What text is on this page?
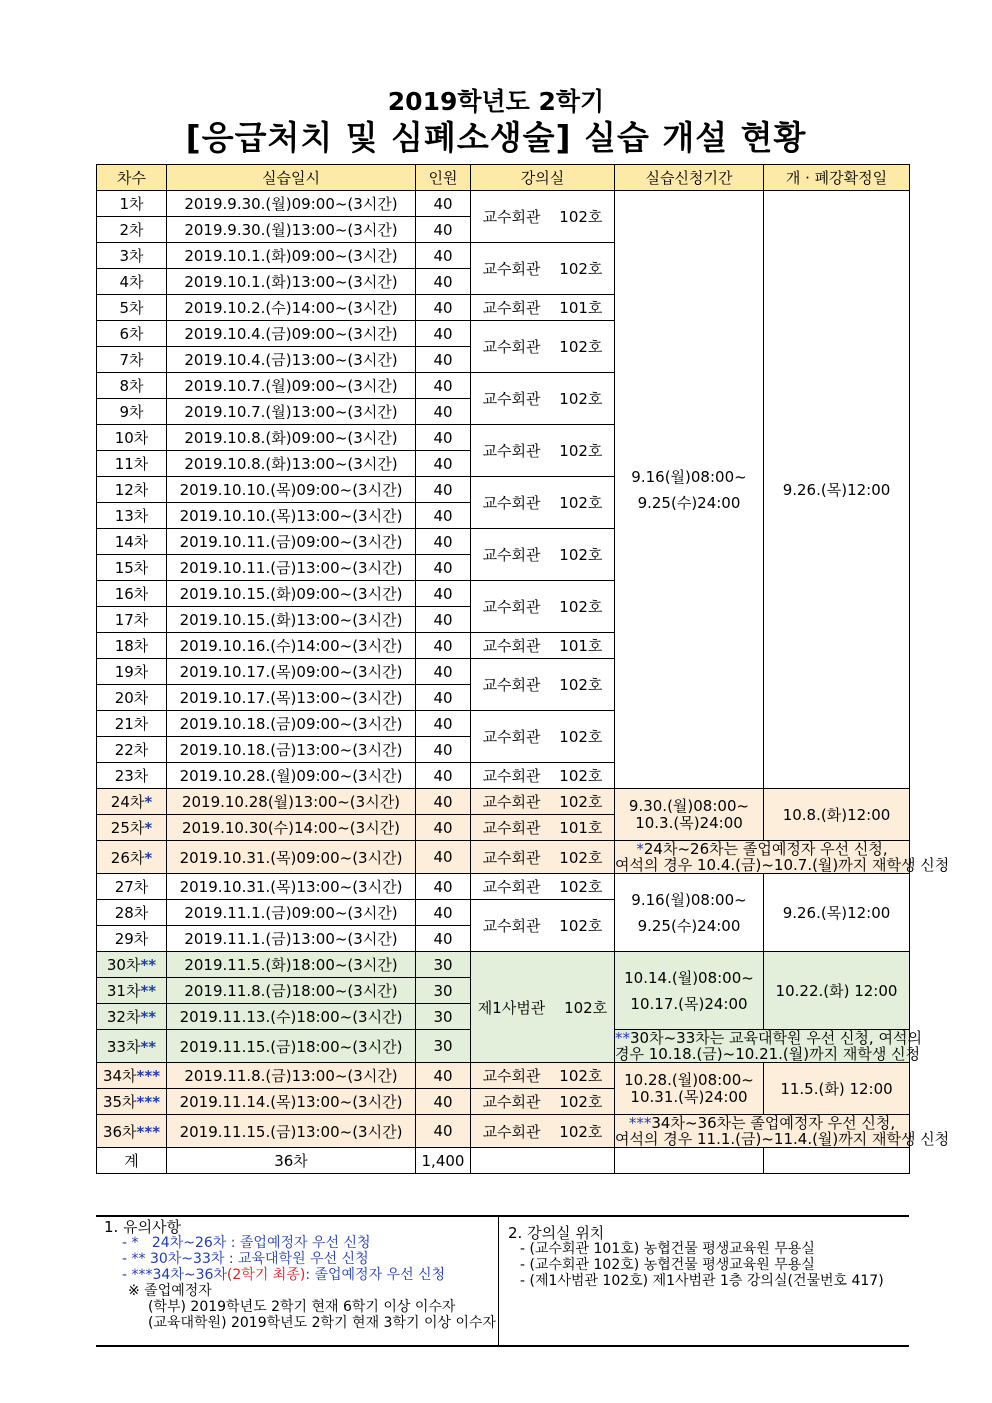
2019학년도 2학기
[응급처치 및 심폐소생술] 실습 개설 현황
차수	실습일시	인원	강의실	실습신청기간	개 · 폐강확정일
1차	2019.9.30.(월)09:00~(3시간)	40	교수회관 102호	9.16(월)08:00~
9.25(수)24:00	9.26.(목)12:00
2차	2019.9.30.(월)13:00~(3시간)	40			
3차	2019.10.1.(화)09:00~(3시간)	40	교수회관 102호		
4차	2019.10.1.(화)13:00~(3시간)	40			
5차	2019.10.2.(수)14:00~(3시간)	40	교수회관 101호		
6차	2019.10.4.(금)09:00~(3시간)	40	교수회관 102호		
7차	2019.10.4.(금)13:00~(3시간)	40			
8차	2019.10.7.(월)09:00~(3시간)	40	교수회관 102호		
9차	2019.10.7.(월)13:00~(3시간)	40			
10차	2019.10.8.(화)09:00~(3시간)	40	교수회관 102호		
11차	2019.10.8.(화)13:00~(3시간)	40			
12차	2019.10.10.(목)09:00~(3시간)	40	교수회관 102호		
13차	2019.10.10.(목)13:00~(3시간)	40			
14차	2019.10.11.(금)09:00~(3시간)	40	교수회관 102호		
15차	2019.10.11.(금)13:00~(3시간)	40			
16차	2019.10.15.(화)09:00~(3시간)	40	교수회관 102호		
17차	2019.10.15.(화)13:00~(3시간)	40			
18차	2019.10.16.(수)14:00~(3시간)	40	교수회관 101호		
19차	2019.10.17.(목)09:00~(3시간)	40	교수회관 102호		
20차	2019.10.17.(목)13:00~(3시간)	40			
21차	2019.10.18.(금)09:00~(3시간)	40	교수회관 102호		
22차	2019.10.18.(금)13:00~(3시간)	40			
23차	2019.10.28.(월)09:00~(3시간)	40	교수회관 102호		
24차*	2019.10.28(월)13:00~(3시간)	40	교수회관 102호	9.30.(월)08:00~
10.3.(목)24:00	10.8.(화)12:00
25차*	2019.10.30(수)14:00~(3시간)	40	교수회관 101호		
26차*	2019.10.31.(목)09:00~(3시간)	40	교수회관 102호	*24차~26차는 졸업예정자 우선 신청,
여석의 경우 10.4.(금)~10.7.(월)까지 재학생 신청	

27차	2019.10.31.(목)13:00~(3시간)	40	교수회관 102호	9.16(월)08:00~
9.25(수)24:00	9.26.(목)12:00
28차	2019.11.1.(금)09:00~(3시간)	40	교수회관 102호		
29차	2019.11.1.(금)13:00~(3시간)	40			
30차**	2019.11.5.(화)18:00~(3시간)	30	제1사범관 102호	10.14.(월)08:00~
10.17.(목)24:00	10.22.(화) 12:00
31차**	2019.11.8.(금)18:00~(3시간)	30			
32차**	2019.11.13.(수)18:00~(3시간)	30			
33차**	2019.11.15.(금)18:00~(3시간)	30		**30차~33차는 교육대학원 우선 신청, 여석의
경우 10.18.(금)~10.21.(월)까지 재학생 신청	

34차***	2019.11.8.(금)13:00~(3시간)	40	교수회관 102호	10.28.(월)08:00~
10.31.(목)24:00	11.5.(화) 12:00
35차***	2019.11.14.(목)13:00~(3시간)	40	교수회관 102호		
36차***	2019.11.15.(금)13:00~(3시간)	40	교수회관 102호	***34차~36차는 졸업예정자 우선 신청,
여석의 경우 11.1.(금)~11.4.(월)까지 재학생 신청	

계	36차	1,400			
1. 유의사항
- * 24차~26차 : 졸업예정자 우선 신청
- ** 30차~33차 : 교육대학원 우선 신청
- ***34차~36차(2학기 최종): 졸업예정자 우선 신청
※ 졸업예정자
(학부) 2019학년도 2학기 현재 6학기 이상 이수자
(교육대학원) 2019학년도 2학기 현재 3학기 이상 이수자
2. 강의실 위치
- (교수회관 101호) 농협건물 평생교육원 무용실
- (교수회관 102호) 농협건물 평생교육원 무용실
- (제1사범관 102호) 제1사범관 1층 강의실(건물번호 417)
